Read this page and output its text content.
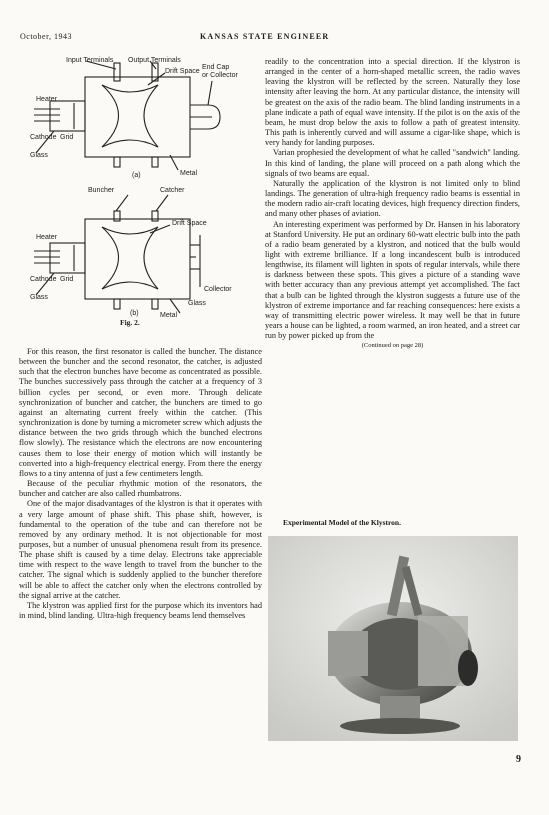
October, 1943	KANSAS STATE ENGINEER
Input Terminals Output Terminals
Drift Space
End Cap
or Collector
Heater
Cathode Grid
Glass
Metal
(a)
Buncher	Catcher
Drift Space
Heater
Cathode Grid
Glass
Collector
(b)	Metal
Glass
Fig. 2.

For this reason, the first resonator is called the buncher. The distance between the buncher and the second resonator, the catcher, is adjusted such that the electron bunches have become as concentrated as possible. The bunches successively pass through the catcher at a frequency of 3 billion cycles per second, or even more. Through delicate synchronization of buncher and catcher, the bunchers are timed to go against an alternating current freely within the catcher. (This synchronization is done by turning a micrometer screw which adjusts the distance between the two grids through which the bunched electrons flow slowly). The resistance which the electrons are now encountering causes them to lose their energy of motion which will instantly be converted into a high-frequency electrical energy. From there the energy flows to a tiny antenna of just a few centimeters length.

Because of the peculiar rhythmic motion of the resonators, the buncher and catcher are also called rhumbatrons.

One of the major disadvantages of the klystron is that it operates with a very large amount of phase shift. This phase shift, however, is fundamental to the operation of the tube and can therefore not be removed by any ordinary method. It is not objectionable for most purposes, but a number of unusual phenomena result from its presence. The phase shift is caused by a time delay. Electrons take appreciable time with respect to the wave length to travel from the buncher to the catcher. The signal which is suddenly applied to the buncher therefore will be able to affect the catcher only when the electrons controlled by the signal arrive at the catcher.

The klystron was applied first for the purpose which its inventors had in mind, blind landing. Ultra-high frequency beams lend themselves

readily to the concentration into a special direction. If the klystron is arranged in the center of a horn-shaped metallic screen, the radio waves leaving the klystron will be reflected by the screen. Naturally they lose intensity after leaving the horn. At any particular distance, the intensity will be greatest on the axis of the radio beam. The blind landing instruments in a plane indicate a path of equal wave intensity. If the pilot is on the axis of the beam, he must drop below the axis to follow a path of greatest intensity. This path is inherently curved and will assume a cigar-like shape, which is very handy for landing purposes.

Varian prophesied the development of what he called "sandwich" landing. In this kind of landing, the plane will proceed on a path along which the signals of two beams are equal.

Naturally the application of the klystron is not limited only to blind landings. The generation of ultra-high frequency radio beams is essential in the modern radio air-craft locating devices, high frequency direction finders, and many other phases of aviation.

An interesting experiment was performed by Dr. Hansen in his laboratory at Stanford University. He put an ordinary 60-watt electric bulb into the path of a radio beam generated by a klystron, and noticed that the bulb would light with extreme brilliance. If a long incandescent bulb is introduced lengthwise, its filament will lighten in spots of regular intervals, while there is darkness between these spots. This gives a picture of a standing wave with better accuracy than any previous attempt yet accomplished. The fact that a bulb can be lighted through the klystron suggests a future use of the klystron of extreme importance and far reaching consequences: here exists a way of transmitting electric power wireless. It may well be that in future years a house can be lighted, a room warmed, an iron heated, and a street car run by power picked up from the

(Continued on page 28)

Experimental Model of the Klystron.
9
